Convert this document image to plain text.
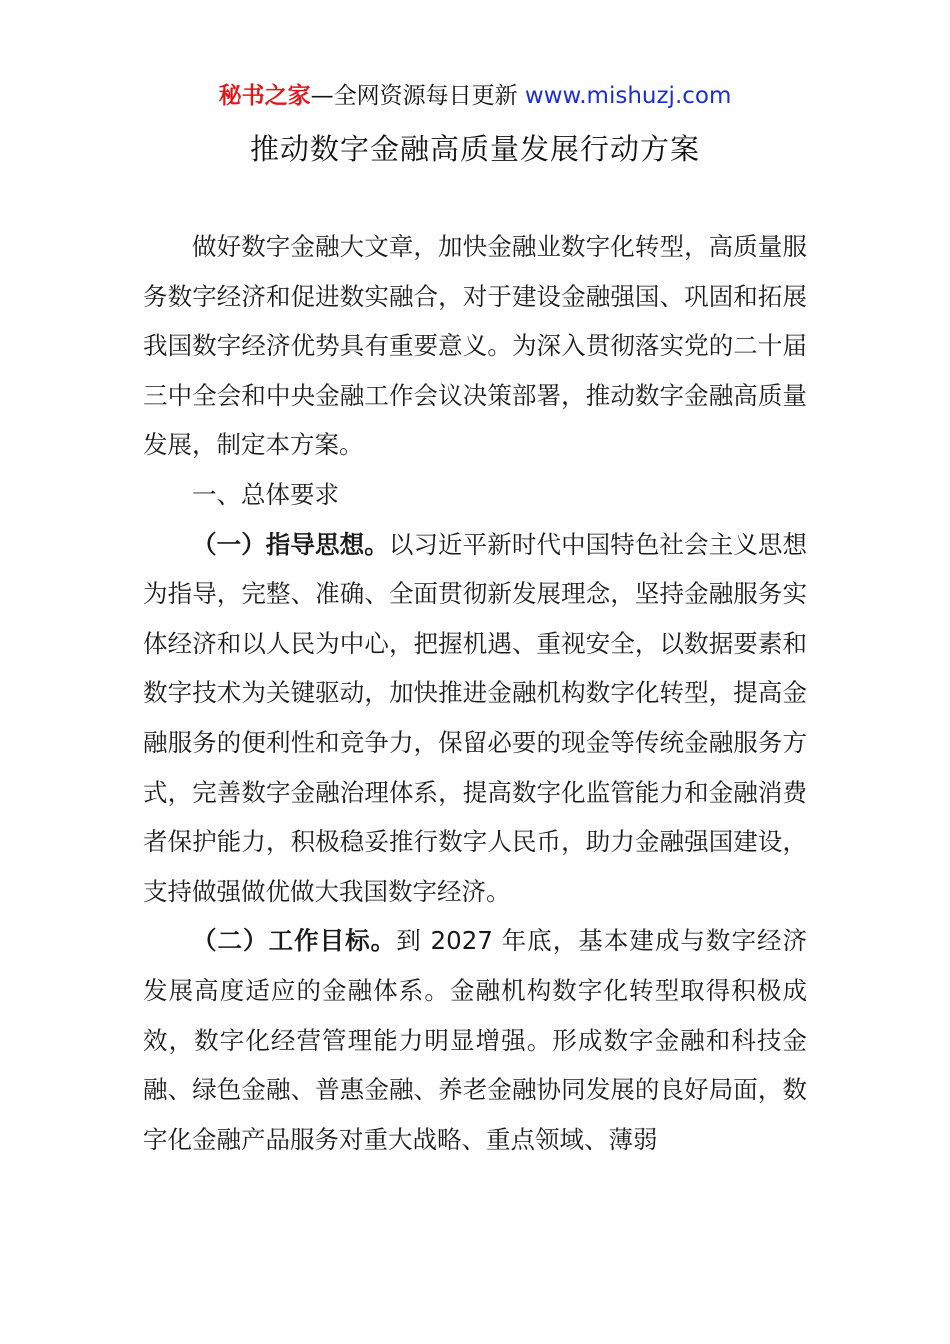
秘书之家—全网资源每日更新 www.mishuzj.com
推动数字金融高质量发展行动方案

做好数字金融大文章，加快金融业数字化转型，高质量服务数字经济和促进数实融合，对于建设金融强国、巩固和拓展我国数字经济优势具有重要意义。为深入贯彻落实党的二十届三中全会和中央金融工作会议决策部署，推动数字金融高质量发展，制定本方案。

一、总体要求

（一）指导思想。以习近平新时代中国特色社会主义思想为指导，完整、准确、全面贯彻新发展理念，坚持金融服务实体经济和以人民为中心，把握机遇、重视安全，以数据要素和数字技术为关键驱动，加快推进金融机构数字化转型，提高金融服务的便利性和竞争力，保留必要的现金等传统金融服务方式，完善数字金融治理体系，提高数字化监管能力和金融消费者保护能力，积极稳妥推行数字人民币，助力金融强国建设，支持做强做优做大我国数字经济。

（二）工作目标。到 2027 年底，基本建成与数字经济发展高度适应的金融体系。金融机构数字化转型取得积极成效，数字化经营管理能力明显增强。形成数字金融和科技金融、绿色金融、普惠金融、养老金融协同发展的良好局面，数字化金融产品服务对重大战略、重点领域、薄弱
